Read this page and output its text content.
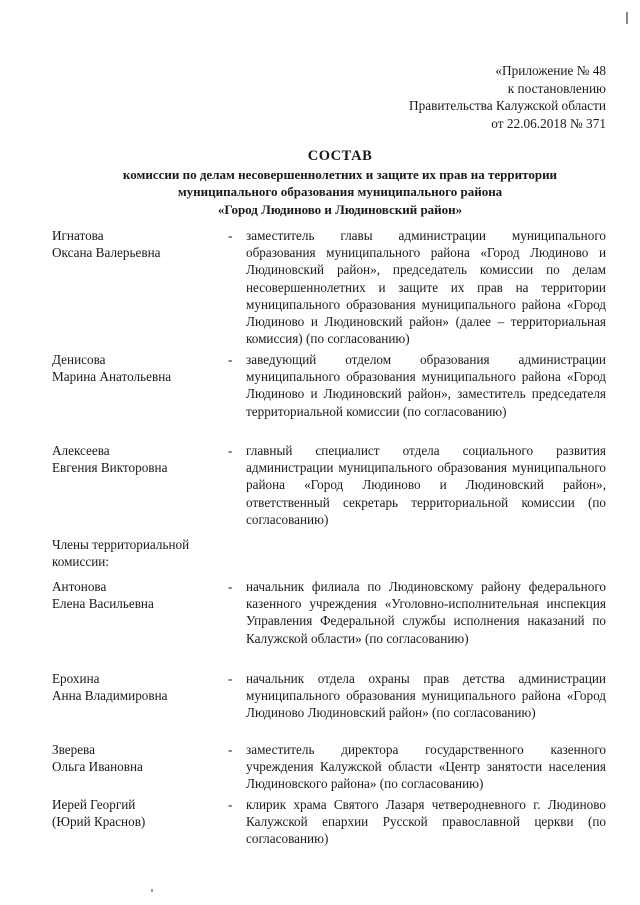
«Приложение № 48
к постановлению
Правительства Калужской области
от 22.06.2018 № 371
СОСТАВ
комиссии по делам несовершеннолетних и защите их прав на территории
муниципального образования муниципального района
«Город Людиново и Людиновский район»
Игнатова
Оксана Валерьевна
- заместитель главы администрации муниципального образования муниципального района «Город Людиново и Людиновский район», председатель комиссии по делам несовершеннолетних и защите их прав на территории муниципального образования муниципального района «Город Людиново и Людиновский район» (далее – территориальная комиссия) (по согласованию)
Денисова
Марина Анатольевна
- заведующий отделом образования администрации муниципального образования муниципального района «Город Людиново и Людиновский район», заместитель председателя территориальной комиссии (по согласованию)
Алексеева
Евгения Викторовна
- главный специалист отдела социального развития администрации муниципального образования муниципального района «Город Людиново и Людиновский район», ответственный секретарь территориальной комиссии (по согласованию)
Члены территориальной
комиссии:
Антонова
Елена Васильевна
- начальник филиала по Людиновскому району федерального казенного учреждения «Уголовно-исполнительная инспекция Управления Федеральной службы исполнения наказаний по Калужской области» (по согласованию)
Ерохина
Анна Владимировна
- начальник отдела охраны прав детства администрации муниципального образования муниципального района «Город Людиново Людиновский район» (по согласованию)
Зверева
Ольга Ивановна
- заместитель директора государственного казенного учреждения Калужской области «Центр занятости населения Людиновского района» (по согласованию)
Иерей Георгий
(Юрий Краснов)
- клирик храма Святого Лазаря четверодневного г. Людиново Калужской епархии Русской православной церкви (по согласованию)
